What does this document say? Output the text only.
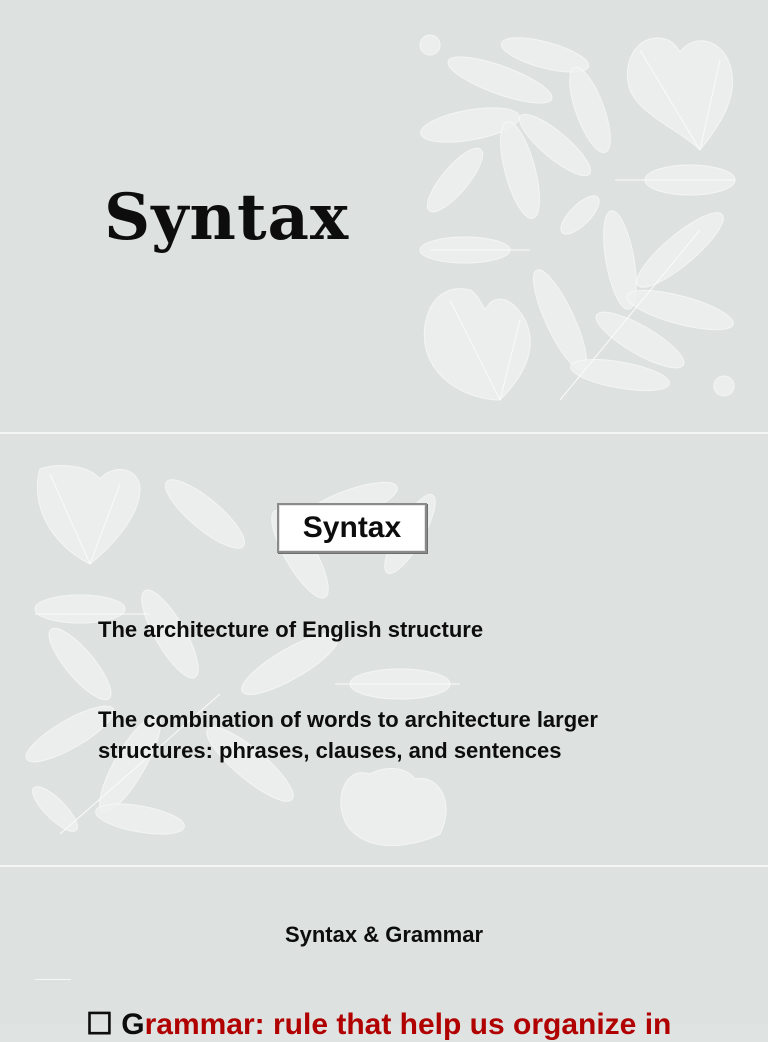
Syntax
Syntax

The architecture of English structure

The combination of words to architecture larger structures: phrases, clauses, and sentences

Syntax & Grammar

☐ Grammar: rule that help us organize in
